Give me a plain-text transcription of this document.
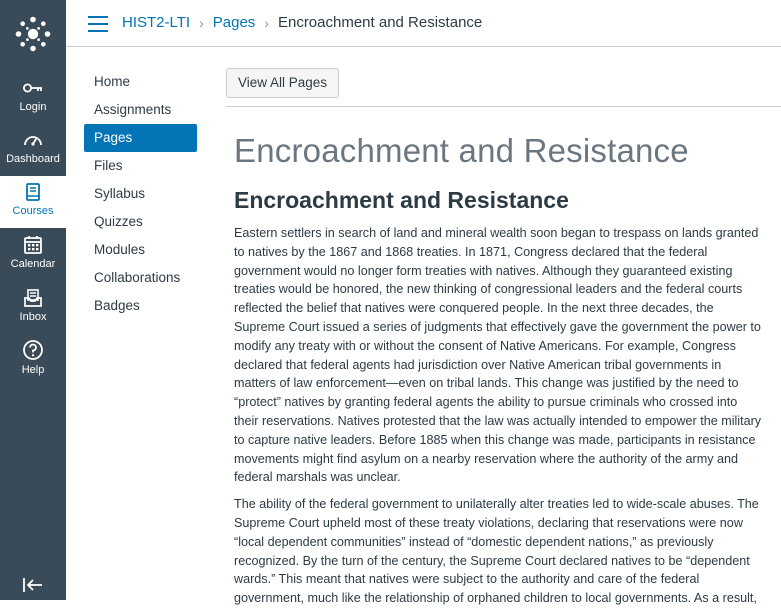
Login
Dashboard
Courses
Calendar
Inbox
Help
HIST2-LTI › Pages › Encroachment and Resistance
Home
Assignments
Pages
Files
Syllabus
Quizzes
Modules
Collaborations
Badges
View All Pages
Encroachment and Resistance
Encroachment and Resistance

Eastern settlers in search of land and mineral wealth soon began to trespass on lands granted to natives by the 1867 and 1868 treaties. In 1871, Congress declared that the federal government would no longer form treaties with natives. Although they guaranteed existing treaties would be honored, the new thinking of congressional leaders and the federal courts reflected the belief that natives were conquered people. In the next three decades, the Supreme Court issued a series of judgments that effectively gave the government the power to modify any treaty with or without the consent of Native Americans. For example, Congress declared that federal agents had jurisdiction over Native American tribal governments in matters of law enforcement—even on tribal lands. This change was justified by the need to “protect” natives by granting federal agents the ability to pursue criminals who crossed into their reservations. Natives protested that the law was actually intended to empower the military to capture native leaders. Before 1885 when this change was made, participants in resistance movements might find asylum on a nearby reservation where the authority of the army and federal marshals was unclear.

The ability of the federal government to unilaterally alter treaties led to wide-scale abuses. The Supreme Court upheld most of these treaty violations, declaring that reservations were now “local dependent communities” instead of “domestic dependent nations,” as previously recognized. By the turn of the century, the Supreme Court declared natives to be “dependent wards.” This meant that natives were subject to the authority and care of the federal government, much like the relationship of orphaned children to local governments. As a result,
